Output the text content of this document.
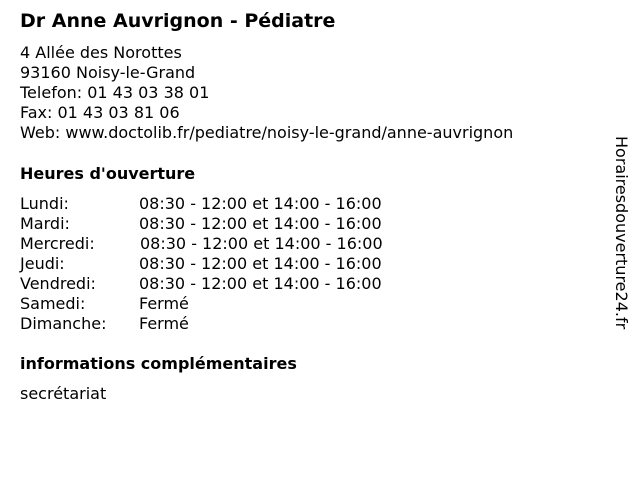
Dr Anne Auvrignon - Pédiatre
4 Allée des Norottes
93160 Noisy-le-Grand
Telefon: 01 43 03 38 01
Fax: 01 43 03 81 06
Web: www.doctolib.fr/pediatre/noisy-le-grand/anne-auvrignon
Heures d'ouverture
Lundi:	08:30 - 12:00 et 14:00 - 16:00
Mardi:	08:30 - 12:00 et 14:00 - 16:00
Mercredi:	08:30 - 12:00 et 14:00 - 16:00
Jeudi:	08:30 - 12:00 et 14:00 - 16:00
Vendredi:	08:30 - 12:00 et 14:00 - 16:00
Samedi:	Fermé
Dimanche: Fermé
informations complémentaires
secrétariat
Horairesdouverture24.fr
